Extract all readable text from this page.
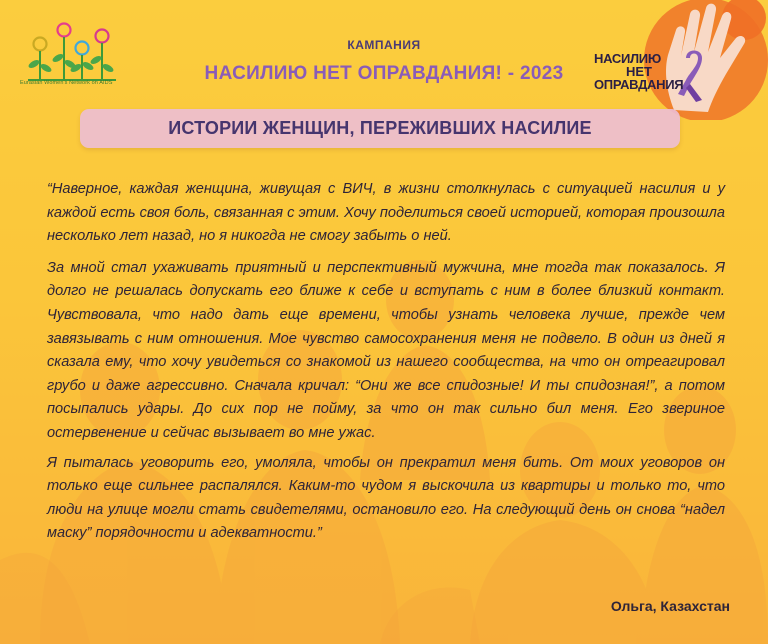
Eurasian Women's Network on AIDS
КАМПАНИЯ
НАСИЛИЮ НЕТ ОПРАВДАНИЯ! - 2023
НАСИЛИЮ
НЕТ
ОПРАВДАНИЯ
ИСТОРИИ ЖЕНЩИН, ПЕРЕЖИВШИХ НАСИЛИЕ

“Наверное, каждая женщина, живущая с ВИЧ, в жизни столкнулась с ситуацией насилия и у каждой есть своя боль, связанная с этим. Хочу поделиться своей историей, которая произошла несколько лет назад, но я никогда не смогу забыть о ней.

За мной стал ухаживать приятный и перспективный мужчина, мне тогда так показалось. Я долго не решалась допускать его ближе к себе и вступать с ним в более близкий контакт. Чувствовала, что надо дать еще времени, чтобы узнать человека лучше, прежде чем завязывать с ним отношения. Мое чувство самосохранения меня не подвело. В один из дней я сказала ему, что хочу увидеться со знакомой из нашего сообщества, на что он отреагировал грубо и даже агрессивно. Сначала кричал: “Они же все спидозные! И ты спидозная!”, а потом посыпались удары. До сих пор не пойму, за что он так сильно бил меня. Его звериное остервенение и сейчас вызывает во мне ужас.

Я пыталась уговорить его, умоляла, чтобы он прекратил меня бить. От моих уговоров он только еще сильнее распалялся. Каким-то чудом я выскочила из квартиры и только то, что люди на улице могли стать свидетелями, остановило его. На следующий день он снова “надел маску” порядочности и адекватности.”

Ольга, Казахстан
